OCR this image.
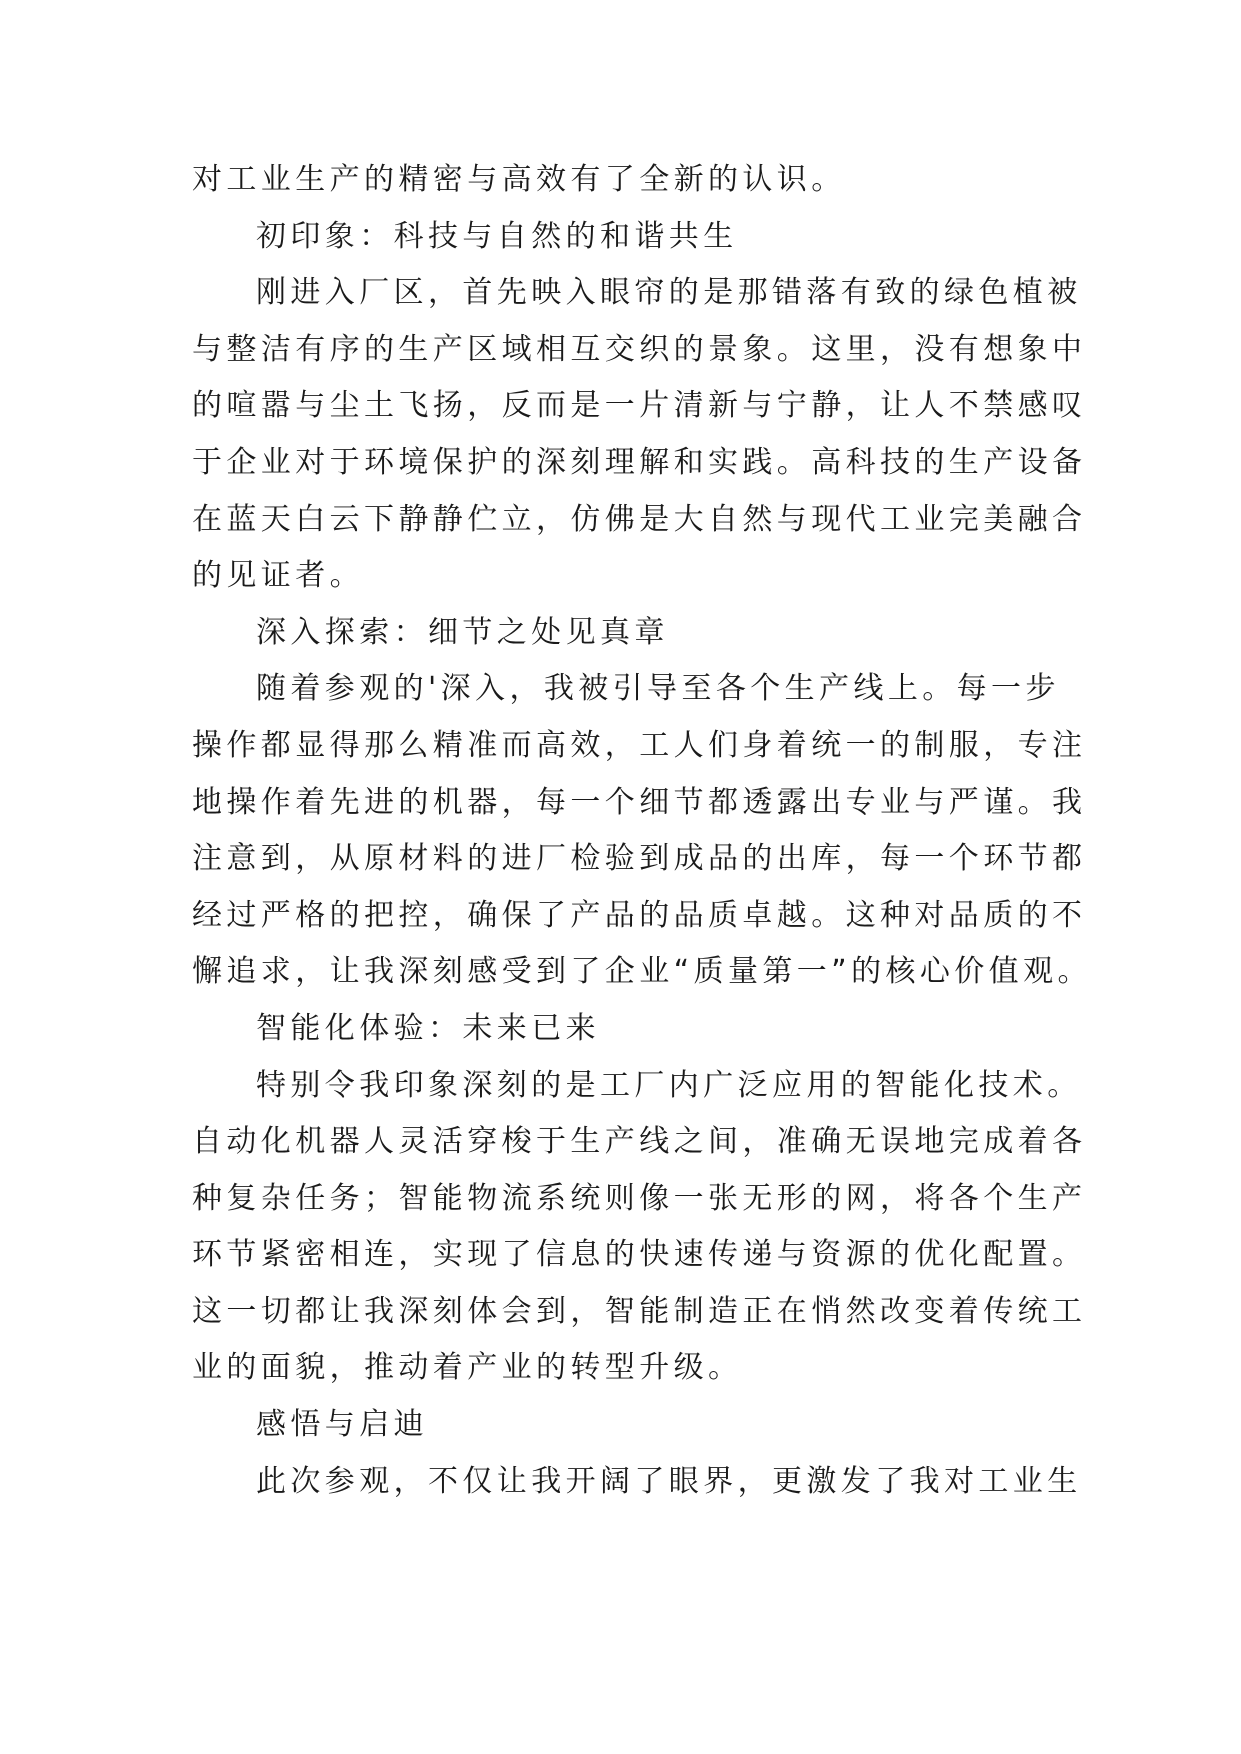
对工业生产的精密与高效有了全新的认识。

初印象：科技与自然的和谐共生

刚进入厂区，首先映入眼帘的是那错落有致的绿色植被

与整洁有序的生产区域相互交织的景象。这里，没有想象中

的喧嚣与尘土飞扬，反而是一片清新与宁静，让人不禁感叹

于企业对于环境保护的深刻理解和实践。高科技的生产设备

在蓝天白云下静静伫立，仿佛是大自然与现代工业完美融合

的见证者。

深入探索：细节之处见真章

随着参观的'深入，我被引导至各个生产线上。每一步

操作都显得那么精准而高效，工人们身着统一的制服，专注

地操作着先进的机器，每一个细节都透露出专业与严谨。我

注意到，从原材料的进厂检验到成品的出库，每一个环节都

经过严格的把控，确保了产品的品质卓越。这种对品质的不

懈追求，让我深刻感受到了企业“质量第一”的核心价值观。

智能化体验：未来已来

特别令我印象深刻的是工厂内广泛应用的智能化技术。

自动化机器人灵活穿梭于生产线之间，准确无误地完成着各

种复杂任务；智能物流系统则像一张无形的网，将各个生产

环节紧密相连，实现了信息的快速传递与资源的优化配置。

这一切都让我深刻体会到，智能制造正在悄然改变着传统工

业的面貌，推动着产业的转型升级。

感悟与启迪

此次参观，不仅让我开阔了眼界，更激发了我对工业生
